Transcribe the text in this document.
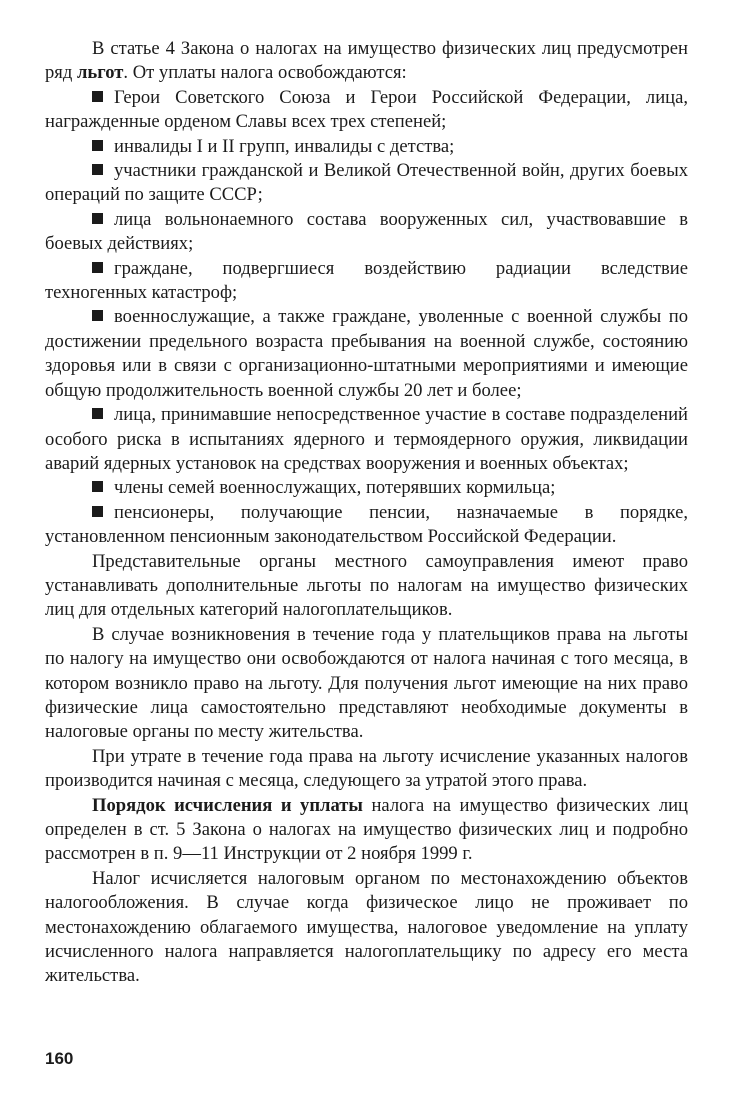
В статье 4 Закона о налогах на имущество физических лиц предусмотрен ряд льгот. От уплаты налога освобождаются:

Герои Советского Союза и Герои Российской Федерации, лица, награжденные орденом Славы всех трех степеней;

инвалиды I и II групп, инвалиды с детства;

участники гражданской и Великой Отечественной войн, других боевых операций по защите СССР;

лица вольнонаемного состава вооруженных сил, участвовавшие в боевых действиях;

граждане, подвергшиеся воздействию радиации вследствие техногенных катастроф;

военнослужащие, а также граждане, уволенные с военной службы по достижении предельного возраста пребывания на военной службе, состоянию здоровья или в связи с организационно-штатными мероприятиями и имеющие общую продолжительность военной службы 20 лет и более;

лица, принимавшие непосредственное участие в составе подразделений особого риска в испытаниях ядерного и термоядерного оружия, ликвидации аварий ядерных установок на средствах вооружения и военных объектах;

члены семей военнослужащих, потерявших кормильца;

пенсионеры, получающие пенсии, назначаемые в порядке, установленном пенсионным законодательством Российской Федерации.

Представительные органы местного самоуправления имеют право устанавливать дополнительные льготы по налогам на имущество физических лиц для отдельных категорий налогоплательщиков.

В случае возникновения в течение года у плательщиков права на льготы по налогу на имущество они освобождаются от налога начиная с того месяца, в котором возникло право на льготу. Для получения льгот имеющие на них право физические лица самостоятельно представляют необходимые документы в налоговые органы по месту жительства.

При утрате в течение года права на льготу исчисление указанных налогов производится начиная с месяца, следующего за утратой этого права.

Порядок исчисления и уплаты налога на имущество физических лиц определен в ст. 5 Закона о налогах на имущество физических лиц и подробно рассмотрен в п. 9—11 Инструкции от 2 ноября 1999 г.

Налог исчисляется налоговым органом по местонахождению объектов налогообложения. В случае когда физическое лицо не проживает по местонахождению облагаемого имущества, налоговое уведомление на уплату исчисленного налога направляется налогоплательщику по адресу его места жительства.

160
